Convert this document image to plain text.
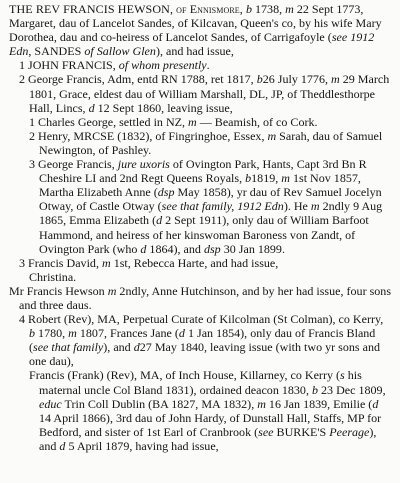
THE REV FRANCIS HEWSON, of Ennismore, b 1738, m 22 Sept 1773, Margaret, dau of Lancelot Sandes, of Kilcavan, Queen's co, by his wife Mary Dorothea, dau and co-heiress of Lancelot Sandes, of Carrigafoyle (see 1912 Edn, SANDES of Sallow Glen), and had issue,

1 JOHN FRANCIS, of whom presently.

2 George Francis, Adm, entd RN 1788, ret 1817, b26 July 1776, m 29 March 1801, Grace, eldest dau of William Marshall, DL, JP, of Theddlesthorpe Hall, Lincs, d 12 Sept 1860, leaving issue,

1 Charles George, settled in NZ, m — Beamish, of co Cork.

2 Henry, MRCSE (1832), of Fingringhoe, Essex, m Sarah, dau of Samuel Newington, of Pashley.

3 George Francis, jure uxoris of Ovington Park, Hants, Capt 3rd Bn R Cheshire LI and 2nd Regt Queens Royals, b1819, m 1st Nov 1857, Martha Elizabeth Anne (dsp May 1858), yr dau of Rev Samuel Jocelyn Otway, of Castle Otway (see that family, 1912 Edn). He m 2ndly 9 Aug 1865, Emma Elizabeth (d 2 Sept 1911), only dau of William Barfoot Hammond, and heiress of her kinswoman Baroness von Zandt, of Ovington Park (who d 1864), and dsp 30 Jan 1899.

3 Francis David, m 1st, Rebecca Harte, and had issue,

Christina.

Mr Francis Hewson m 2ndly, Anne Hutchinson, and by her had issue, four sons and three daus.

4 Robert (Rev), MA, Perpetual Curate of Kilcolman (St Colman), co Kerry, b 1780, m 1807, Frances Jane (d 1 Jan 1854), only dau of Francis Bland (see that family), and d27 May 1840, leaving issue (with two yr sons and one dau),

Francis (Frank) (Rev), MA, of Inch House, Killarney, co Kerry (s his maternal uncle Col Bland 1831), ordained deacon 1830, b 23 Dec 1809, educ Trin Coll Dublin (BA 1827, MA 1832), m 16 Jan 1839, Emilie (d 14 April 1866), 3rd dau of John Hardy, of Dunstall Hall, Staffs, MP for Bedford, and sister of 1st Earl of Cranbrook (see BURKE'S Peerage), and d 5 April 1879, having had issue,
